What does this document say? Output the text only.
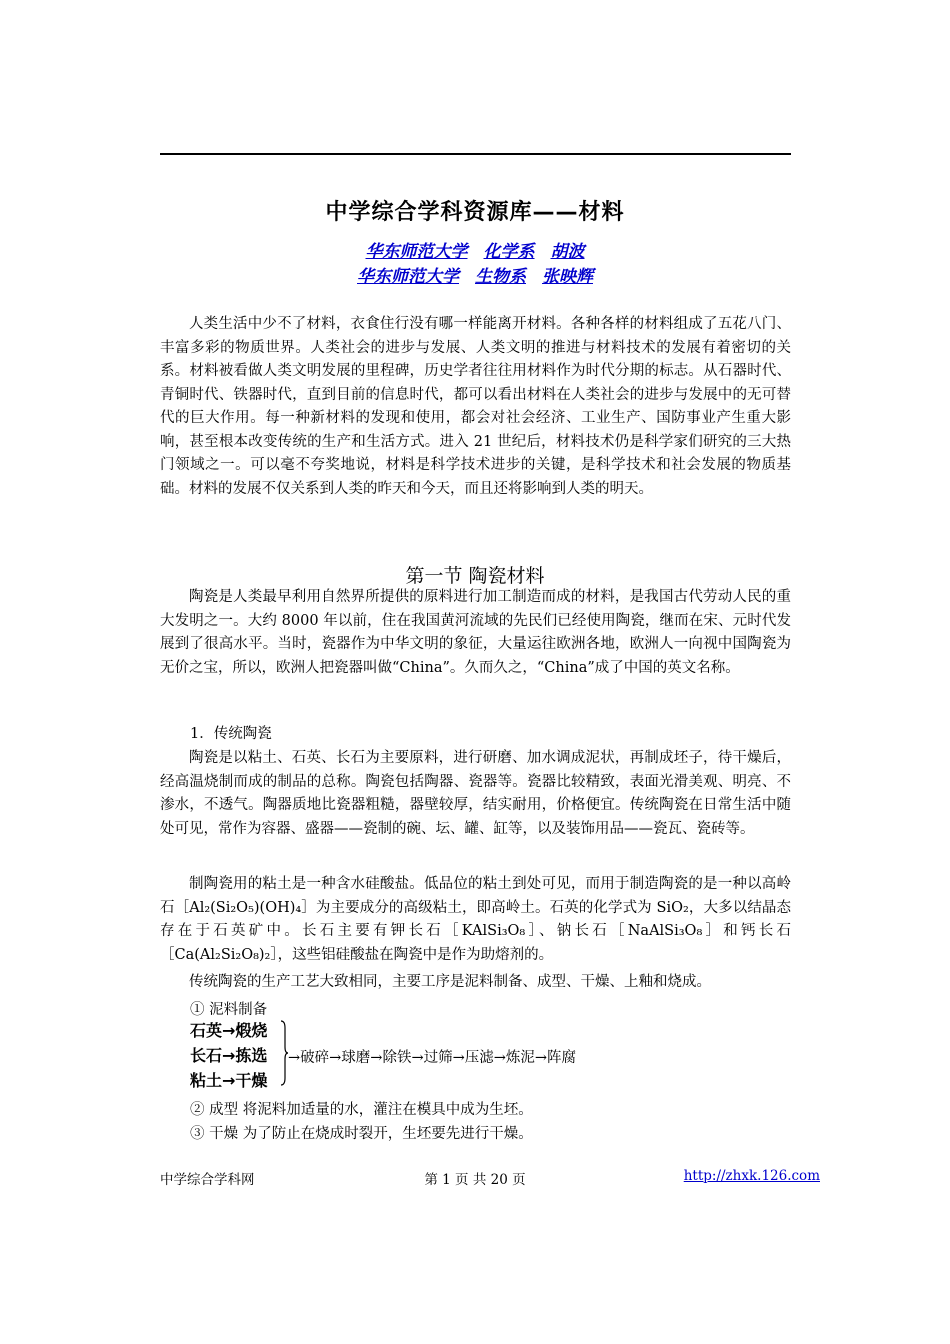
中学综合学科资源库——材料
华东师范大学 化学系 胡波
华东师范大学 生物系 张映辉
人类生活中少不了材料，衣食住行没有哪一样能离开材料。各种各样的材料组成了五花八门、丰富多彩的物质世界。人类社会的进步与发展、人类文明的推进与材料技术的发展有着密切的关系。材料被看做人类文明发展的里程碑，历史学者往往用材料作为时代分期的标志。从石器时代、青铜时代、铁器时代，直到目前的信息时代，都可以看出材料在人类社会的进步与发展中的无可替代的巨大作用。每一种新材料的发现和使用，都会对社会经济、工业生产、国防事业产生重大影响，甚至根本改变传统的生产和生活方式。进入 21 世纪后，材料技术仍是科学家们研究的三大热门领域之一。可以毫不夸奖地说，材料是科学技术进步的关键，是科学技术和社会发展的物质基础。材料的发展不仅关系到人类的昨天和今天，而且还将影响到人类的明天。
第一节 陶瓷材料
陶瓷是人类最早利用自然界所提供的原料进行加工制造而成的材料，是我国古代劳动人民的重大发明之一。大约 8000 年以前，住在我国黄河流域的先民们已经使用陶瓷，继而在宋、元时代发展到了很高水平。当时，瓷器作为中华文明的象征，大量运往欧洲各地，欧洲人一向视中国陶瓷为无价之宝，所以，欧洲人把瓷器叫做“China”。久而久之，“China”成了中国的英文名称。
1．传统陶瓷
陶瓷是以粘土、石英、长石为主要原料，进行研磨、加水调成泥状，再制成坯子，待干燥后，经高温烧制而成的制品的总称。陶瓷包括陶器、瓷器等。瓷器比较精致，表面光滑美观、明亮、不渗水，不透气。陶器质地比瓷器粗糙，器壁较厚，结实耐用，价格便宜。传统陶瓷在日常生活中随处可见，常作为容器、盛器——瓷制的碗、坛、罐、缸等，以及装饰用品——瓷瓦、瓷砖等。
制陶瓷用的粘土是一种含水硅酸盐。低品位的粘土到处可见，而用于制造陶瓷的是一种以高岭石［Al₂(Si₂O₅)(OH)₄］为主要成分的高级粘土，即高岭土。石英的化学式为 SiO₂，大多以结晶态存在于石英矿中。长石主要有钾长石［KAlSi₃O₈］、钠长石［NaAlSi₃O₈］和钙长石［Ca(Al₂Si₂O₈)₂］，这些铝硅酸盐在陶瓷中是作为助熔剂的。
传统陶瓷的生产工艺大致相同，主要工序是泥料制备、成型、干燥、上釉和烧成。
① 泥料制备
石英→煅烧
长石→拣选
粘土→干燥
→破碎→球磨→除铁→过筛→压滤→炼泥→阵腐
② 成型 将泥料加适量的水，灌注在模具中成为生坯。
③ 干燥 为了防止在烧成时裂开，生坯要先进行干燥。
中学综合学科网	第 1 页 共 20 页	http://zhxk.126.com
